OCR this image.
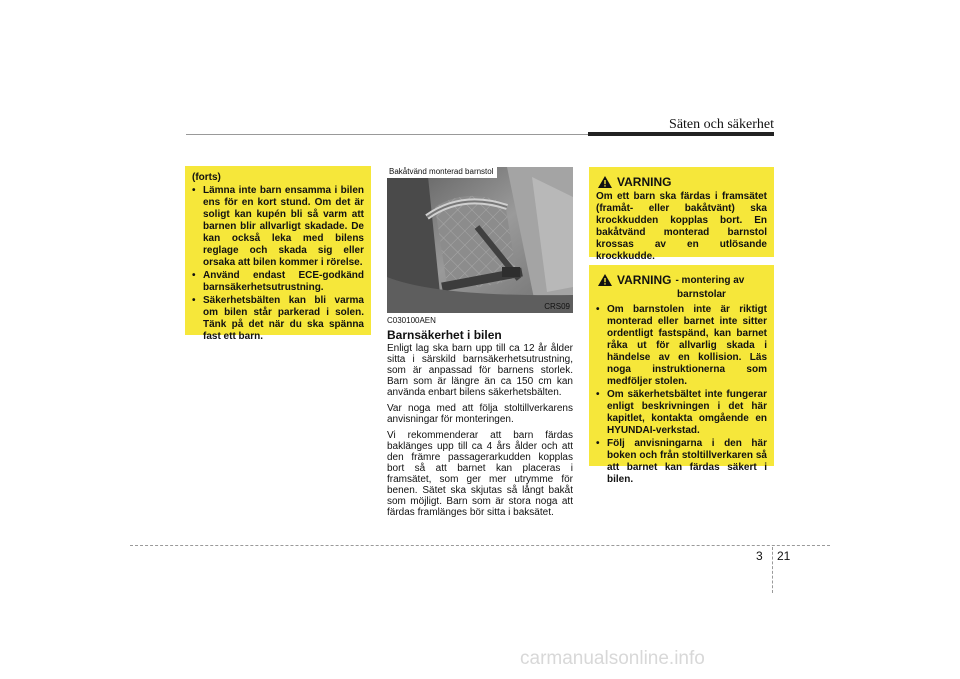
Säten och säkerhet
(forts)
• Lämna inte barn ensamma i bilen ens för en kort stund. Om det är soligt kan kupén bli så varm att barnen blir allvarligt skadade. De kan också leka med bilens reglage och skada sig eller orsaka att bilen kommer i rörelse.
• Använd endast ECE-godkänd barnsäkerhetsutrustning.
• Säkerhetsbälten kan bli varma om bilen står parkerad i solen. Tänk på det när du ska spänna fast ett barn.
Bakåtvänd monterad barnstol
CRS09
C030100AEN
Barnsäkerhet i bilen

Enligt lag ska barn upp till ca 12 år ålder sitta i särskild barnsäkerhetsutrustning, som är anpassad för barnens storlek. Barn som är längre än ca 150 cm kan använda enbart bilens säkerhetsbälten.

Var noga med att följa stoltillverkarens anvisningar för monteringen.

Vi rekommenderar att barn färdas baklänges upp till ca 4 års ålder och att den främre passagerarkudden kopplas bort så att barnet kan placeras i framsätet, som ger mer utrymme för benen. Sätet ska skjutas så långt bakåt som möjligt. Barn som är stora noga att färdas framlänges bör sitta i baksätet.

VARNING
Om ett barn ska färdas i framsätet (framåt- eller bakåtvänt) ska krockkudden kopplas bort. En bakåtvänd monterad barnstol krossas av en utlösande krockkudde.
VARNING - montering av
barnstolar
• Om barnstolen inte är riktigt monterad eller barnet inte sitter ordentligt fastspänd, kan barnet råka ut för allvarlig skada i händelse av en kollision. Läs noga instruktionerna som medföljer stolen.
• Om säkerhetsbältet inte fungerar enligt beskrivningen i det här kapitlet, kontakta omgående en HYUNDAI-verkstad.
• Följ anvisningarna i den här boken och från stoltillverkaren så att barnet kan färdas säkert i bilen.
3 21
carmanualsonline.info
